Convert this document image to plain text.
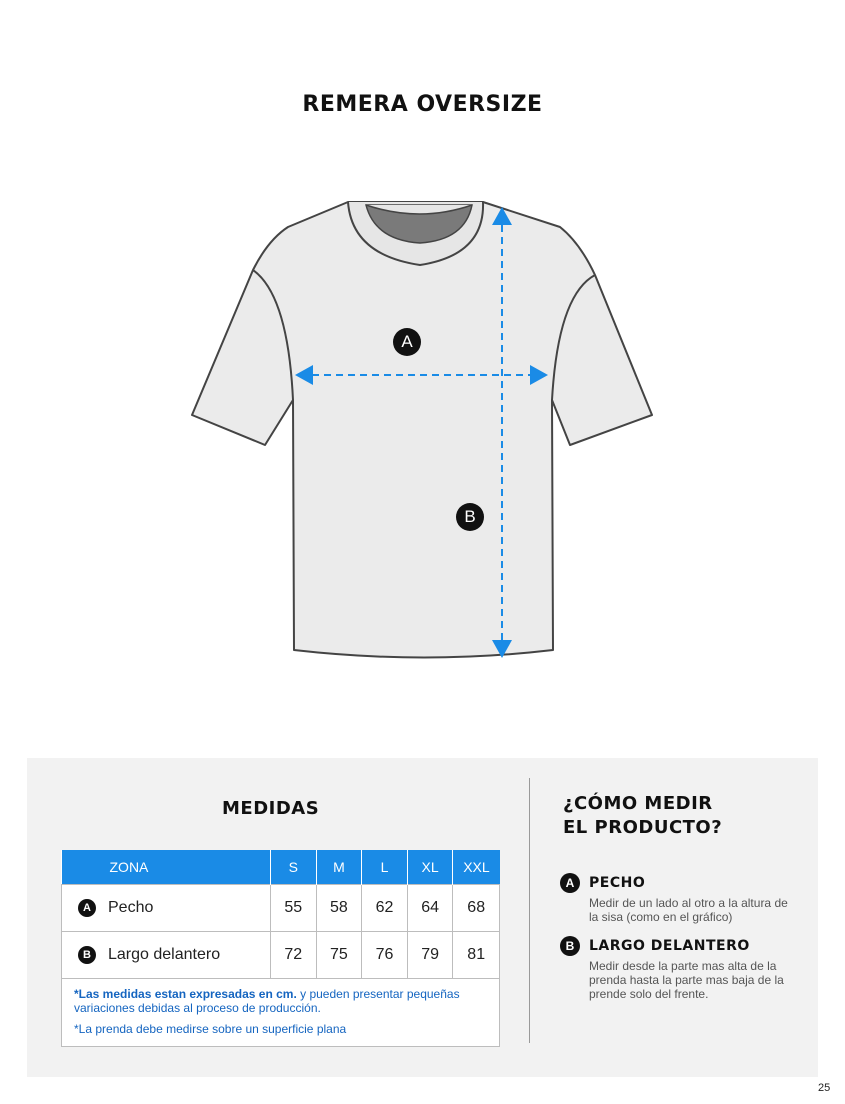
REMERA OVERSIZE
A
B
MEDIDAS
ZONA	S	M	L	XL	XXL
A Pecho	55	58	62	64	68
B Largo delantero	72	75	76	79	81

*Las medidas estan expresadas en cm. y pueden presentar pequeñas variaciones debidas al proceso de producción.
*La prenda debe medirse sobre un superficie plana					
¿CÓMO MEDIR
EL PRODUCTO?
A	PECHO
Medir de un lado al otro a la altura de la sisa (como en el gráfico)
B	LARGO DELANTERO
Medir desde la parte mas alta de la prenda hasta la parte mas baja de la prende solo del frente.
25
